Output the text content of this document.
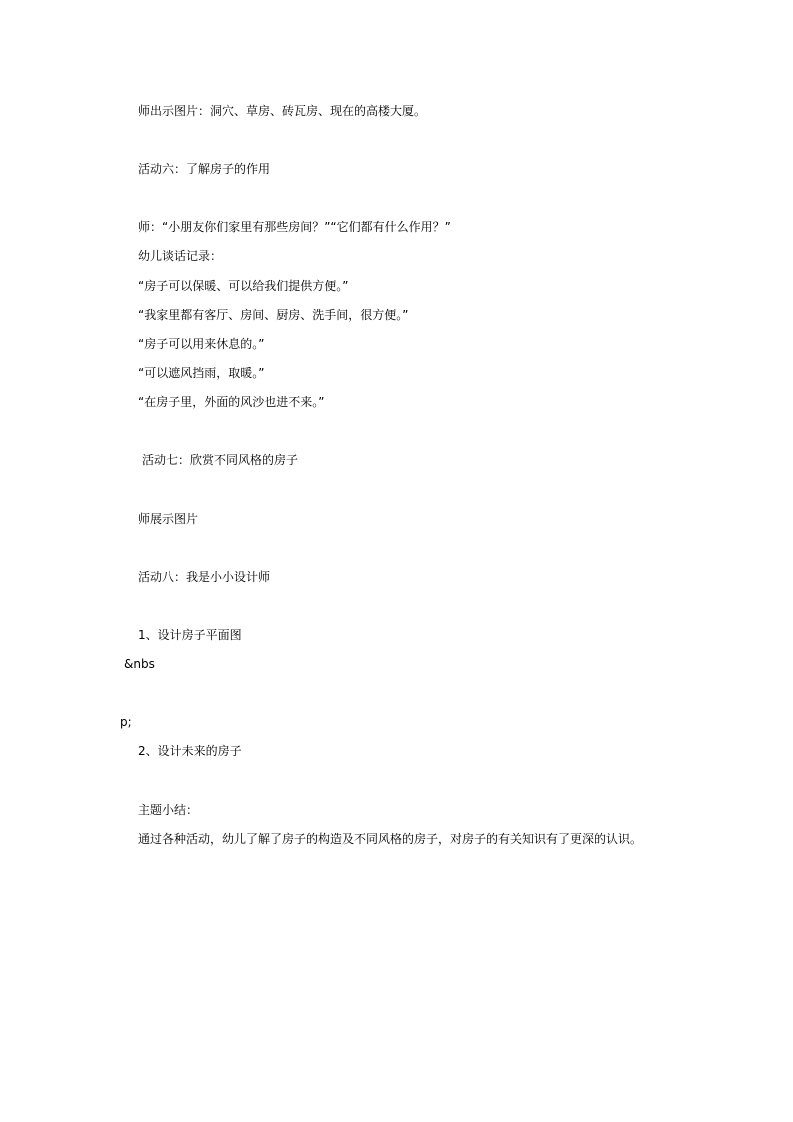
师出示图片：洞穴、草房、砖瓦房、现在的高楼大厦。
活动六：了解房子的作用
师：“小朋友你们家里有那些房间？”“它们都有什么作用？”
幼儿谈话记录：
“房子可以保暖、可以给我们提供方便。”
“我家里都有客厅、房间、厨房、洗手间，很方便。”
“房子可以用来休息的。”
“可以遮风挡雨，取暖。”
“在房子里，外面的风沙也进不来。”
活动七：欣赏不同风格的房子
师展示图片
活动八：我是小小设计师
1、设计房子平面图
&nbs
p;
2、设计未来的房子
主题小结：
通过各种活动，幼儿了解了房子的构造及不同风格的房子，对房子的有关知识有了更深的认识。
